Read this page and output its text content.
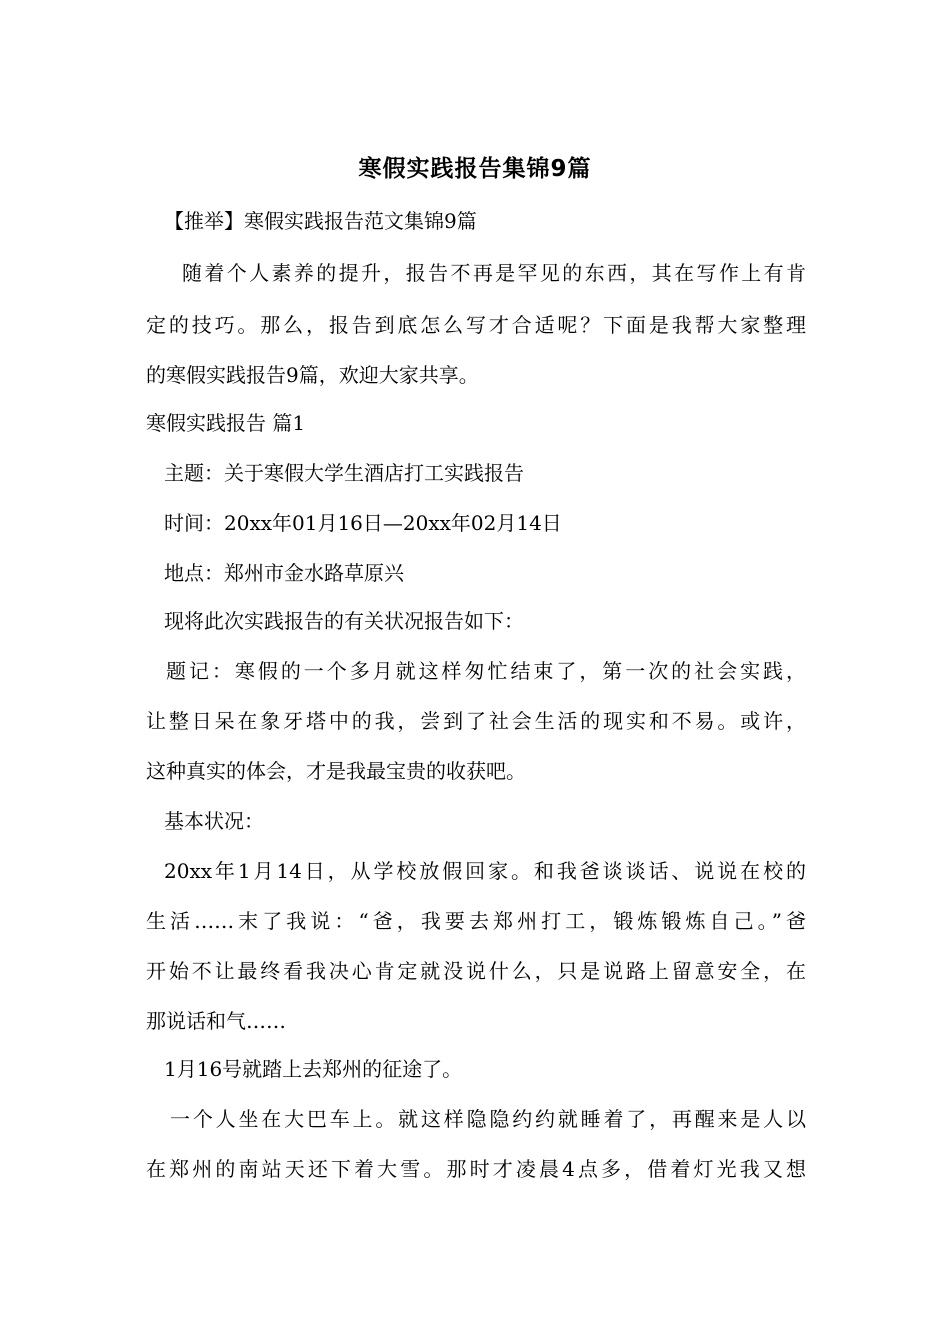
寒假实践报告集锦9篇
【推举】寒假实践报告范文集锦9篇
随着个人素养的提升，报告不再是罕见的东西，其在写作上有肯
定的技巧。那么，报告到底怎么写才合适呢？下面是我帮大家整理
的寒假实践报告9篇，欢迎大家共享。
寒假实践报告 篇1
主题：关于寒假大学生酒店打工实践报告
时间：20xx年01月16日—20xx年02月14日
地点：郑州市金水路草原兴
现将此次实践报告的有关状况报告如下：
题记：寒假的一个多月就这样匆忙结束了，第一次的社会实践，
让整日呆在象牙塔中的我，尝到了社会生活的现实和不易。或许，
这种真实的体会，才是我最宝贵的收获吧。
基本状况：
20xx年1月14日，从学校放假回家。和我爸谈谈话、说说在校的
生活……末了我说：“爸，我要去郑州打工，锻炼锻炼自己。”爸
开始不让最终看我决心肯定就没说什么，只是说路上留意安全，在
那说话和气……
1月16号就踏上去郑州的征途了。
一个人坐在大巴车上。就这样隐隐约约就睡着了，再醒来是人以
在郑州的南站天还下着大雪。那时才凌晨4点多，借着灯光我又想
